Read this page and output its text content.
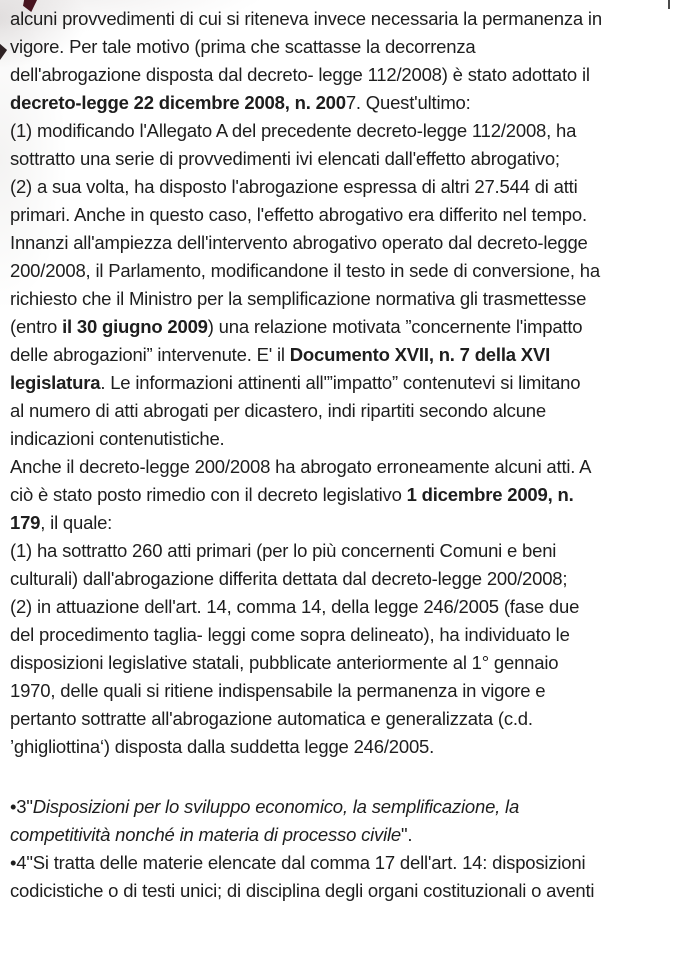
alcuni provvedimenti di cui si riteneva invece necessaria la permanenza in
vigore. Per tale motivo (prima che scattasse la decorrenza
dell'abrogazione disposta dal decreto- legge 112/2008) è stato adottato il
decreto-legge 22 dicembre 2008, n. 2007. Quest'ultimo:
(1) modificando l'Allegato A del precedente decreto-legge 112/2008, ha
sottratto una serie di provvedimenti ivi elencati dall'effetto abrogativo;
(2) a sua volta, ha disposto l'abrogazione espressa di altri 27.544 di atti
primari. Anche in questo caso, l'effetto abrogativo era differito nel tempo.
Innanzi all'ampiezza dell'intervento abrogativo operato dal decreto-legge
200/2008, il Parlamento, modificandone il testo in sede di conversione, ha
richiesto che il Ministro per la semplificazione normativa gli trasmettesse
(entro il 30 giugno 2009) una relazione motivata ”concernente l'impatto
delle abrogazioni” intervenute. E' il Documento XVII, n. 7 della XVI
legislatura. Le informazioni attinenti all'”impatto” contenutevi si limitano
al numero di atti abrogati per dicastero, indi ripartiti secondo alcune
indicazioni contenutistiche.
Anche il decreto-legge 200/2008 ha abrogato erroneamente alcuni atti. A
ciò è stato posto rimedio con il decreto legislativo 1 dicembre 2009, n.
179, il quale:
(1) ha sottratto 260 atti primari (per lo più concernenti Comuni e beni
culturali) dall'abrogazione differita dettata dal decreto-legge 200/2008;
(2) in attuazione dell'art. 14, comma 14, della legge 246/2005 (fase due
del procedimento taglia- leggi come sopra delineato), ha individuato le
disposizioni legislative statali, pubblicate anteriormente al 1° gennaio
1970, delle quali si ritiene indispensabile la permanenza in vigore e
pertanto sottratte all'abrogazione automatica e generalizzata (c.d.
’ghigliottina‘) disposta dalla suddetta legge 246/2005.
•3"Disposizioni per lo sviluppo economico, la semplificazione, la
competitività nonché in materia di processo civile".
•4"Si tratta delle materie elencate dal comma 17 dell'art. 14: disposizioni
codicistiche o di testi unici; di disciplina degli organi costituzionali o aventi
